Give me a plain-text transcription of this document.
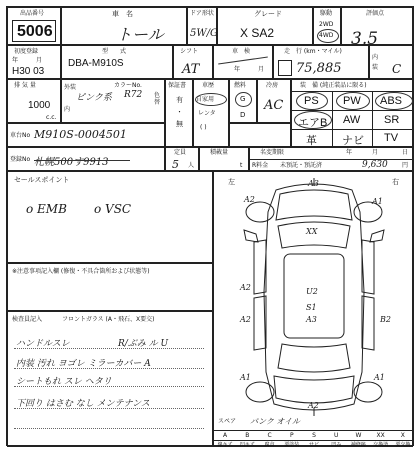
出品番号
5006
車　名
トール
ドア形状
5W/G
グレード
X SA2
駆動
2WD
4WD
評価点
初度登録
年	月
H30 03
型　　式
DBA-M910S
シフト
AT
車　検
年	月
走　行 (km・マイル)
75,885
内
装 C
3.5
排 気 量
1000
c.c.
外装
内
ピンク系
カラーNo.
R72 色替
保証書
有
・
無
車歴
自家用
レンタ
( )
燃料
G
D
冷房
AC
装　備 (純正装品に限る)
PS PW ABS
エアB AW SR
革 ナビ TV
車台No M910S-0004501
登録No 札幌500す9913
定員
5 人
積載量
t
名変期限	年	月	日
R料金 未預託・預託済	9,630 円
セールスポイント
o EMB o VSC
※注意事項記入欄 (修復・不具合箇所および状態等)
検査員記入	フロントガラス (A・飛石、X要交)
ハンドルスレ	R/ぶみ ル U
内装 汚れ ヨゴレ ミラーカバー A
シートもれ スレ ヘタリ
下回り はさむ なし メンテナンス
左	右
A3
A2	A1
XX
U2
S1
A3	B2
A2
A2
A1	A1
A2
スペア パンク オイル
A	B	C	P	S	U	W	XX	X
線キズ	凹キズ	腐食	要塗装	サビ	凹み	補修跡	交換済	要交換
